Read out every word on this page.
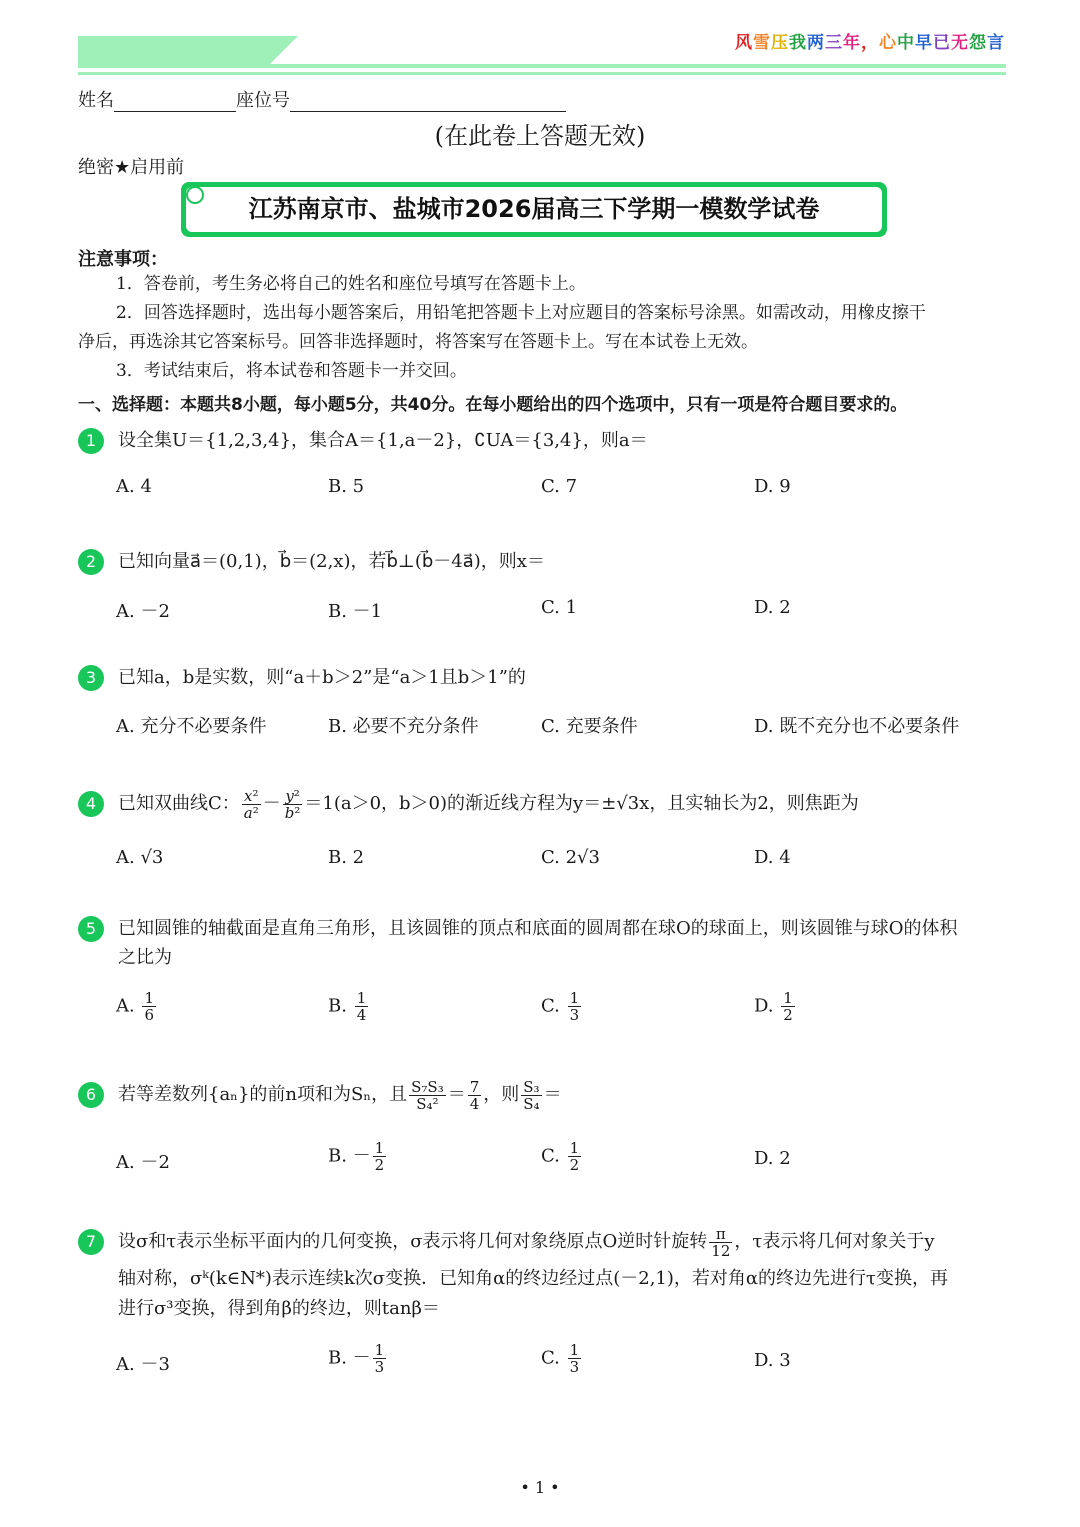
风雪压我两三年，心中早已无怨言
姓名	座位号
(在此卷上答题无效)
绝密★启用前
江苏南京市、盐城市2026届高三下学期一模数学试卷
注意事项：
1．答卷前，考生务必将自己的姓名和座位号填写在答题卡上。
2．回答选择题时，选出每小题答案后，用铅笔把答题卡上对应题目的答案标号涂黑。如需改动，用橡皮擦干
净后，再选涂其它答案标号。回答非选择题时，将答案写在答题卡上。写在本试卷上无效。
3．考试结束后，将本试卷和答题卡一并交回。
一、选择题：本题共8小题，每小题5分，共40分。在每小题给出的四个选项中，只有一项是符合题目要求的。
1	设全集U＝{1,2,3,4}，集合A＝{1,a－2}，∁UA＝{3,4}，则a＝
A. 4	B. 5	C. 7	D. 9
2	已知向量a⃗＝(0,1)，b⃗＝(2,x)，若b⃗⊥(b⃗－4a⃗)，则x＝
A. －2	B. －1	C. 1	D. 2
3	已知a，b是实数，则“a＋b＞2”是“a＞1且b＞1”的
A. 充分不必要条件	B. 必要不充分条件	C. 充要条件	D. 既不充分也不必要条件
4	已知双曲线C： $\frac{\text{x²}}{\text{a²}} - \frac{\text{y²}}{\text{b²}} =1(a>0$，b＞0)的渐近线方程为y＝±√3x，且实轴长为2，则焦距为
A. √3	B. 2	C. 2√3	D. 4
5	已知圆锥的轴截面是直角三角形，且该圆锥的顶点和底面的圆周都在球O的球面上，则该圆锥与球O的体积
之比为
A. $\frac{1}{6}$	B. $\frac{1}{4}$	C. $\frac{1}{3}$	D. $\frac{1}{2}$
6	若等差数列{aₙ}的前n项和为Sₙ，且 $\frac{\text{S₇S₃}}{\text{S₄²}} = \frac{7}{4}$ ，则 $\frac{\text{S₃}}{\text{S₄}}$ ＝
A. －2	B. － $\frac{1}{2}$	C. $\frac{1}{2}$	D. 2
7	设σ和τ表示坐标平面内的几何变换，σ表示将几何对象绕原点O逆时针旋转 $\frac{\pi}{12}$ ，τ表示将几何对象关于y
轴对称，σᵏ(k∈N*)表示连续k次σ变换．已知角α的终边经过点(－2,1)，若对角α的终边先进行τ变换，再
进行σ³变换，得到角β的终边，则tanβ＝
A. －3	B. － $\frac{1}{3}$	C. $\frac{1}{3}$	D. 3
• 1 •
